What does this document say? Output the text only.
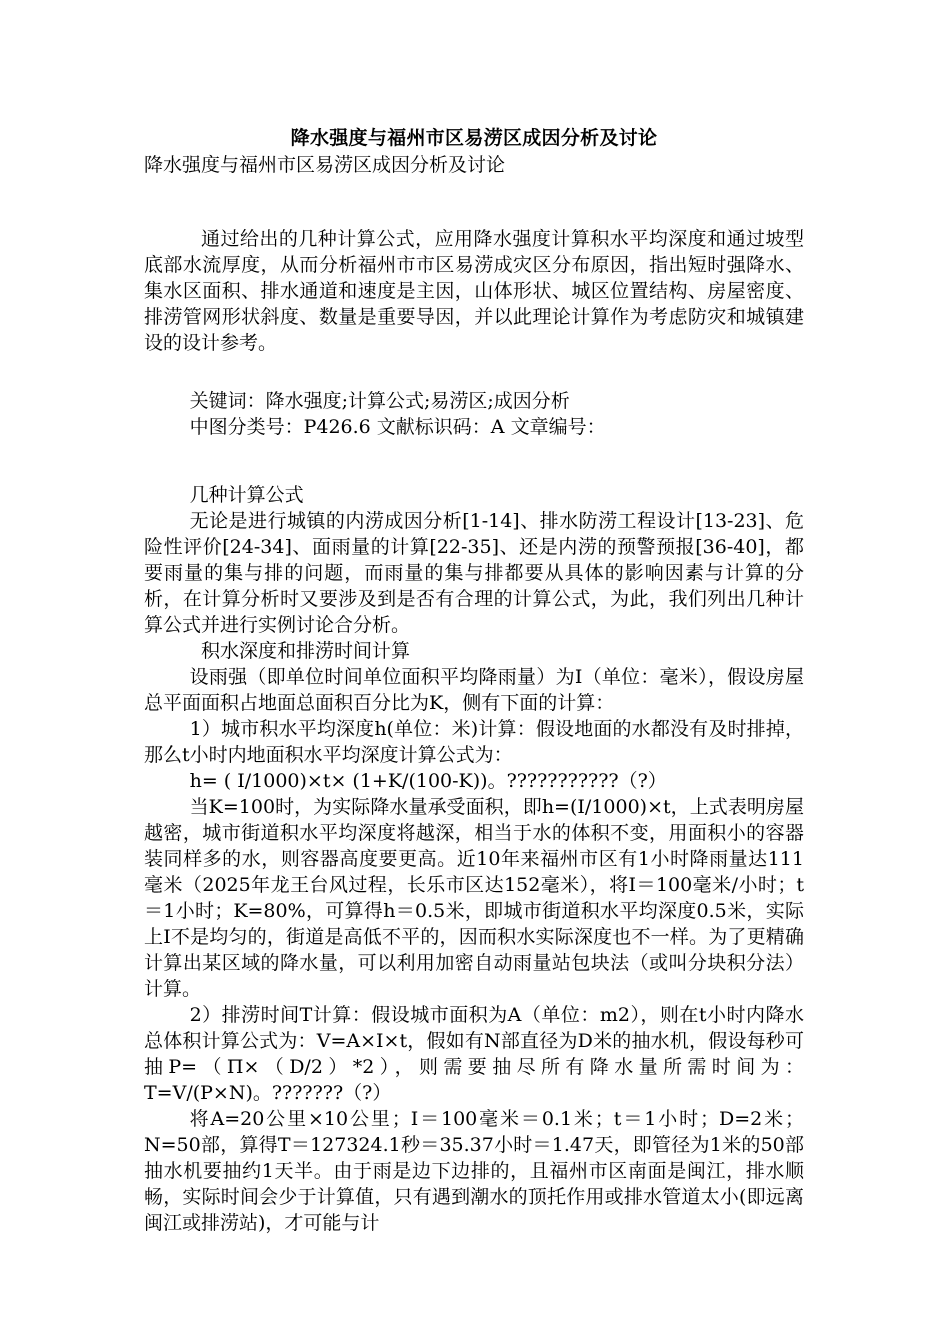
降水强度与福州市区易涝区成因分析及讨论
降水强度与福州市区易涝区成因分析及讨论

通过给出的几种计算公式，应用降水强度计算积水平均深度和通过坡型底部水流厚度，从而分析福州市市区易涝成灾区分布原因，指出短时强降水、集水区面积、排水通道和速度是主因，山体形状、城区位置结构、房屋密度、排涝管网形状斜度、数量是重要导因，并以此理论计算作为考虑防灾和城镇建设的设计参考。

关键词：降水强度;计算公式;易涝区;成因分析

中图分类号：P426.6 文献标识码：A 文章编号：

几种计算公式

无论是进行城镇的内涝成因分析[1-14]、排水防涝工程设计[13-23]、危险性评价[24-34]、面雨量的计算[22-35]、还是内涝的预警预报[36-40]，都要雨量的集与排的问题，而雨量的集与排都要从具体的影响因素与计算的分析，在计算分析时又要涉及到是否有合理的计算公式，为此，我们列出几种计算公式并进行实例讨论合分析。

积水深度和排涝时间计算

设雨强（即单位时间单位面积平均降雨量）为I（单位：毫米），假设房屋总平面面积占地面总面积百分比为K，侧有下面的计算：

1）城市积水平均深度h(单位：米)计算：假设地面的水都没有及时排掉，那么t小时内地面积水平均深度计算公式为：

h= ( I/1000)×t× (1+K/(100-K))。???????????（?）

当K=100时，为实际降水量承受面积，即h=(I/1000)×t，上式表明房屋越密，城市街道积水平均深度将越深，相当于水的体积不变，用面积小的容器装同样多的水，则容器高度要更高。近10年来福州市区有1小时降雨量达111毫米（2025年龙王台风过程，长乐市区达152毫米），将I＝100毫米/小时；t＝1小时；K=80%，可算得h＝0.5米，即城市街道积水平均深度0.5米，实际上I不是均匀的，街道是高低不平的，因而积水实际深度也不一样。为了更精确计算出某区域的降水量，可以利用加密自动雨量站包块法（或叫分块积分法）计算。

2）排涝时间T计算：假设城市面积为A（单位：m2），则在t小时内降水总体积计算公式为：V=A×I×t，假如有N部直径为D米的抽水机，假设每秒可抽P=（Π×（D/2）*2），则需要抽尽所有降水量所需时间为：T=V/(P×N)。???????（?）

将A=20公里×10公里；I＝100毫米＝0.1米；t＝1小时；D=2米；N=50部，算得T＝127324.1秒＝35.37小时＝1.47天，即管径为1米的50部抽水机要抽约1天半。由于雨是边下边排的，且福州市区南面是闽江，排水顺畅，实际时间会少于计算值，只有遇到潮水的顶托作用或排水管道太小(即远离闽江或排涝站)，才可能与计
